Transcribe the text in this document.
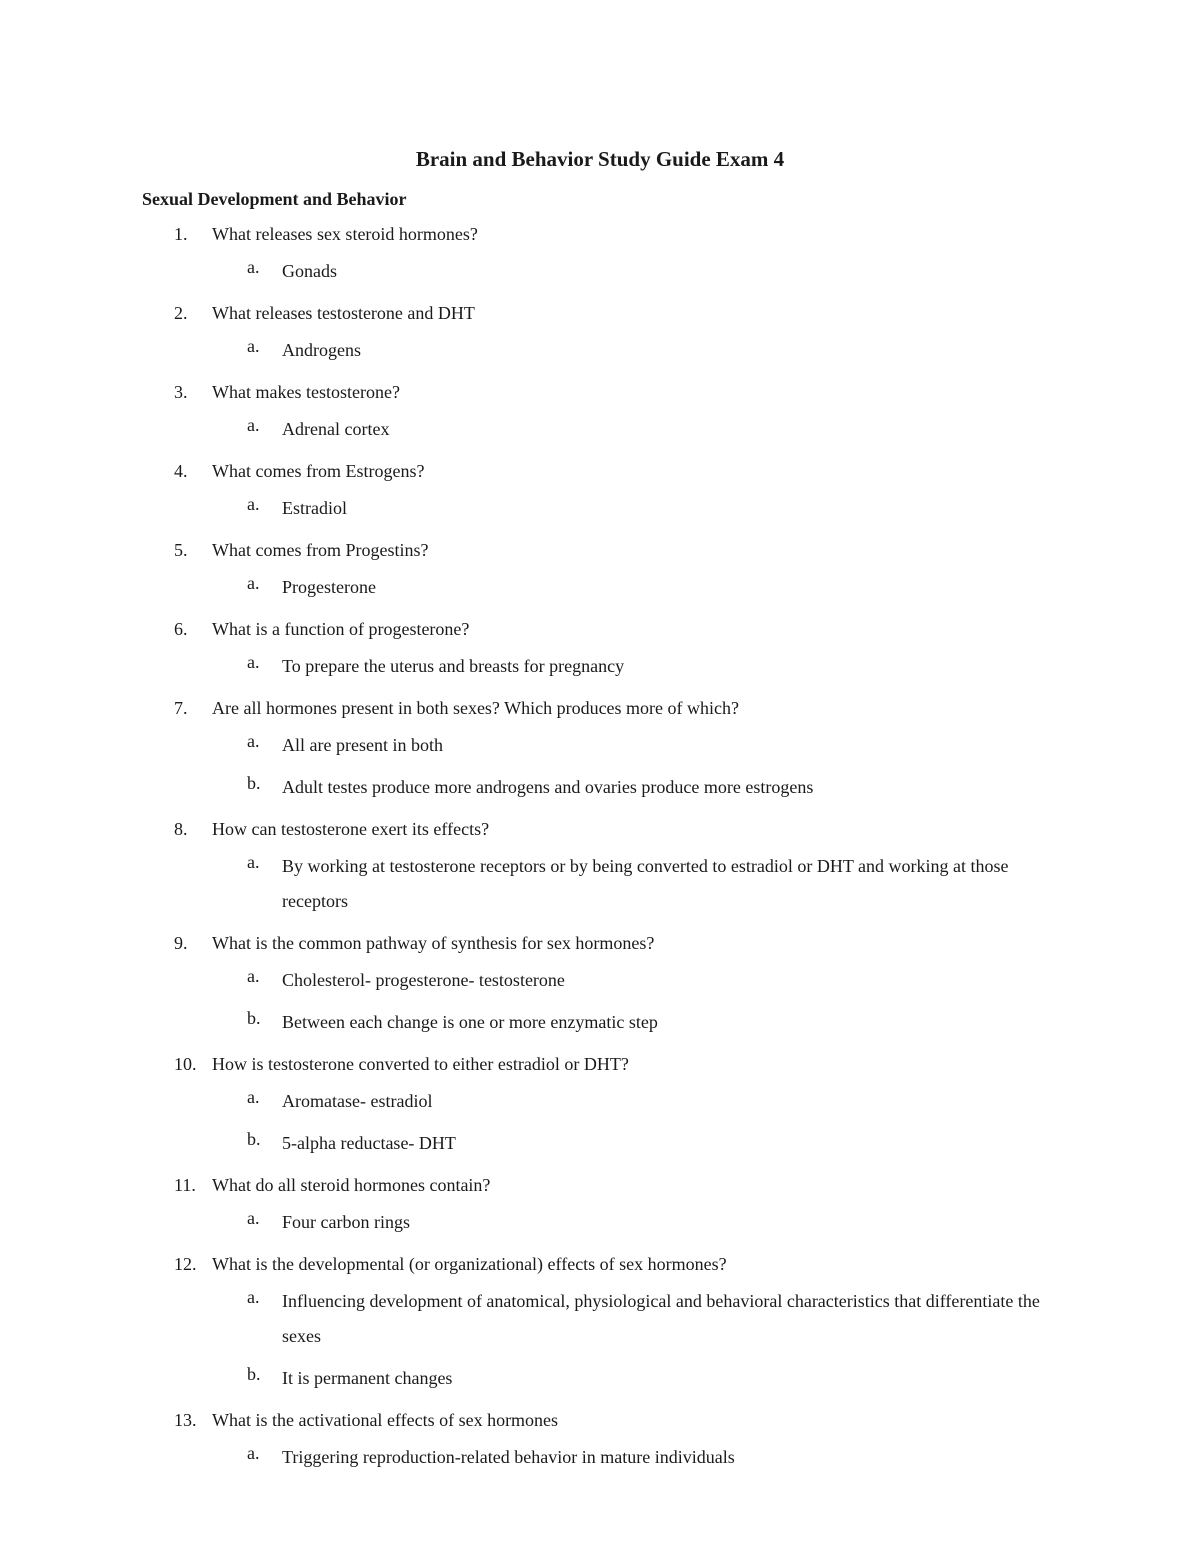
Brain and Behavior Study Guide Exam 4
Sexual Development and Behavior
1.	What releases sex steroid hormones?
a. Gonads
2.	What releases testosterone and DHT
a. Androgens
3.	What makes testosterone?
a. Adrenal cortex
4.	What comes from Estrogens?
a. Estradiol
5.	What comes from Progestins?
a. Progesterone
6.	What is a function of progesterone?
a. To prepare the uterus and breasts for pregnancy
7.	Are all hormones present in both sexes? Which produces more of which?
a. All are present in both
b. Adult testes produce more androgens and ovaries produce more estrogens
8.	How can testosterone exert its effects?
a. By working at testosterone receptors or by being converted to estradiol or DHT and working at those receptors
9.	What is the common pathway of synthesis for sex hormones?
a. Cholesterol- progesterone- testosterone
b. Between each change is one or more enzymatic step
10. How is testosterone converted to either estradiol or DHT?
a. Aromatase- estradiol
b. 5-alpha reductase- DHT
11. What do all steroid hormones contain?
a. Four carbon rings
12. What is the developmental (or organizational) effects of sex hormones?
a. Influencing development of anatomical, physiological and behavioral characteristics that differentiate the sexes
b. It is permanent changes
13. What is the activational effects of sex hormones
a. Triggering reproduction-related behavior in mature individuals
